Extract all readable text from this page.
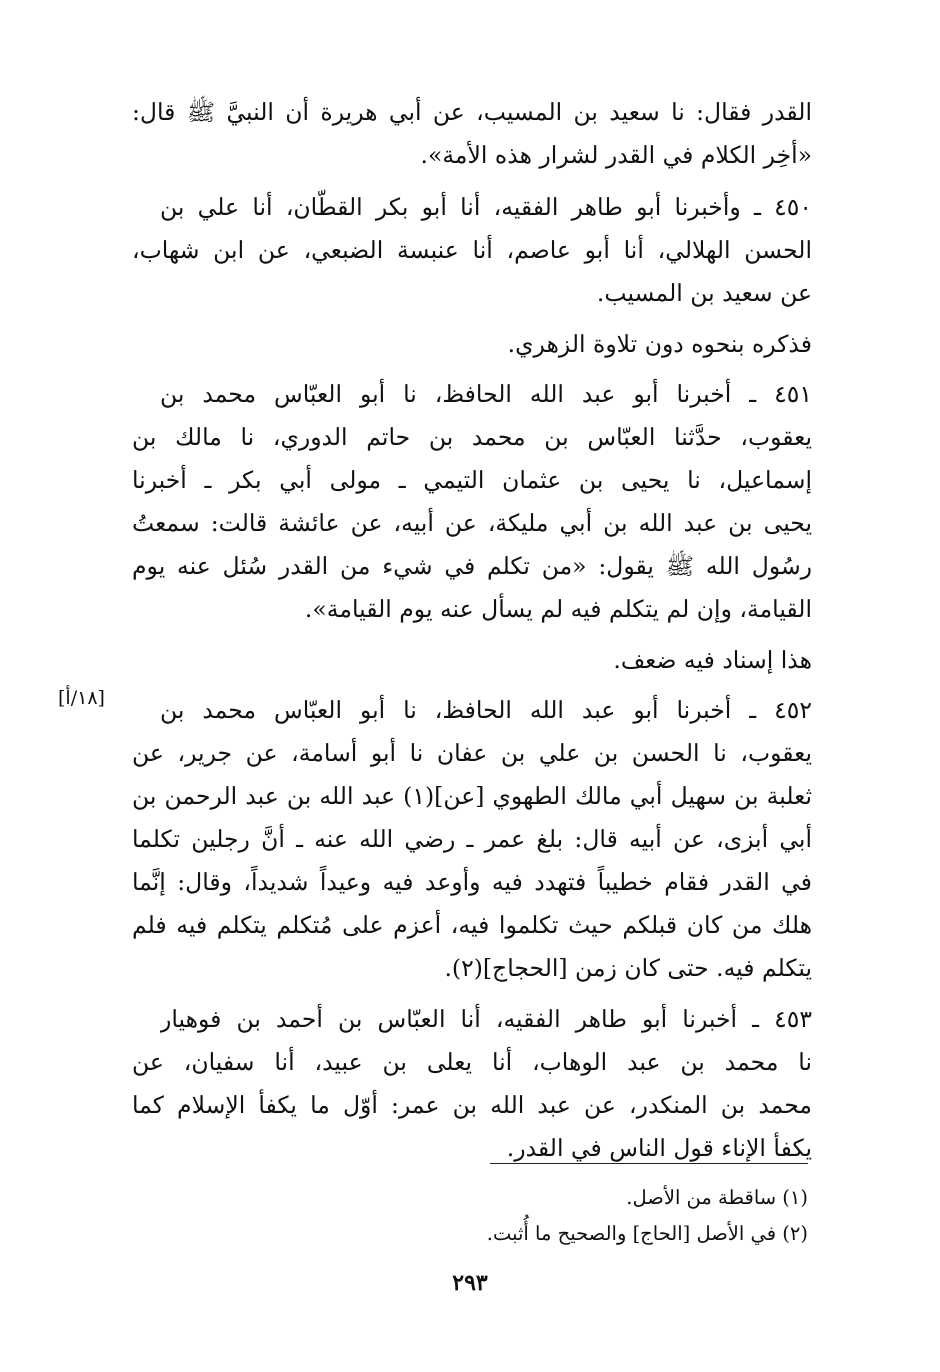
القدر فقال: نا سعيد بن المسيب، عن أبي هريرة أن النبيَّ ﷺ قال:
«أخِر الكلام في القدر لشرار هذه الأمة».
٤٥٠ ـ وأخبرنا أبو طاهر الفقيه، أنا أبو بكر القطّان، أنا علي بن
الحسن الهلالي، أنا أبو عاصم، أنا عنبسة الضبعي، عن ابن شهاب،
عن سعيد بن المسيب.
فذكره بنحوه دون تلاوة الزهري.
٤٥١ ـ أخبرنا أبو عبد الله الحافظ، نا أبو العبّاس محمد بن
يعقوب، حدَّثنا العبّاس بن محمد بن حاتم الدوري، نا مالك بن
إسماعيل، نا يحيى بن عثمان التيمي ـ مولى أبي بكر ـ أخبرنا
يحيى بن عبد الله بن أبي مليكة، عن أبيه، عن عائشة قالت: سمعتُ
رسُول الله ﷺ يقول: «من تكلم في شيء من القدر سُئل عنه يوم
القيامة، وإن لم يتكلم فيه لم يسأل عنه يوم القيامة».
هذا إسناد فيه ضعف.
٤٥٢ ـ أخبرنا أبو عبد الله الحافظ، نا أبو العبّاس محمد بن
يعقوب، نا الحسن بن علي بن عفان نا أبو أسامة، عن جرير، عن
ثعلبة بن سهيل أبي مالك الطهوي [عن](١) عبد الله بن عبد الرحمن بن
أبي أبزى، عن أبيه قال: بلغ عمر ـ رضي الله عنه ـ أنَّ رجلين تكلما
في القدر فقام خطيباً فتهدد فيه وأوعد فيه وعيداً شديداً، وقال: إنَّما
هلك من كان قبلكم حيث تكلموا فيه، أعزم على مُتكلم يتكلم فيه فلم
يتكلم فيه. حتى كان زمن [الحجاج](٢).
٤٥٣ ـ أخبرنا أبو طاهر الفقيه، أنا العبّاس بن أحمد بن فوهيار
نا محمد بن عبد الوهاب، أنا يعلى بن عبيد، أنا سفيان، عن
محمد بن المنكدر، عن عبد الله بن عمر: أوّل ما يكفأ الإسلام كما
يكفأ الإناء قول الناس في القدر.
[١٨/أ]
(١) ساقطة من الأصل.
(٢) في الأصل [الحاج] والصحيح ما أُثبت.
٢٩٣
